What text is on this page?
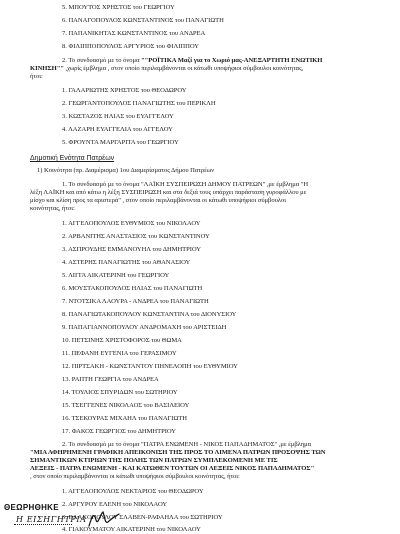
5. ΜΠΟΥΤΟΣ ΧΡΗΣΤΟΣ του ΓΕΩΡΓΙΟΥ
6. ΠΑΝΑΓΟΠΟΥΛΟΣ ΚΩΝΣΤΑΝΤΙΝΟΣ του ΠΑΝΑΓΙΩΤΗ
7. ΠΑΠΑΝΙΚΗΤΑΣ ΚΩΝΣΤΑΝΤΙΝΟΣ του ΑΝΔΡΕΑ
8. ΦΙΛΙΠΠΟΠΟΥΛΟΣ ΑΡΓΥΡΙΟΣ του ΦΙΛΙΠΠΟΥ
2. Το συνδυασμό με το όνομα ""ΡΟΪΤΙΚΑ Μαζί για το Χωριό μας-ΑΝΕΞΑΡΤΗΤΗ ΕΝΩΤΙΚΗ
ΚΙΝΗΣΗ"" ,χωρίς έμβλημα , στον οποίο περιλαμβάνονται οι κάτωθι υποψήφιοι σύμβουλοι κοινότητας,
ήτοι:
1. ΓΑΛΑΡΙΩΤΗΣ ΧΡΗΣΤΟΣ του ΘΕΟΔΩΡΟΥ
2. ΓΕΩΡΓΑΝΤΟΠΟΥΛΟΣ ΠΑΝΑΓΙΩΤΗΣ του ΠΕΡΙΚΛΗ
3. ΚΩΣΤΑΖΟΣ ΗΛΙΑΣ του ΕΥΑΓΓΕΛΟΥ
4. ΛΑΖΑΡΗ ΕΥΑΓΓΕΛΙΑ του ΑΓΓΕΛΟΥ
5. ΦΡΟΥΝΤΑ ΜΑΡΓΑΡΙΤΑ του ΓΕΩΡΓΙΟΥ
Δημοτική Ενότητα Πατρέων
1) Κοινότητα (πρ. Διαμέρισμα) 1ου Διαμερίσματος Δήμου Πατρέων
1. Το συνδυασμό με το όνομα "ΛΑΪΚΗ ΣΥΣΠΕΙΡΩΣΗ ΔΗΜΟΥ ΠΑΤΡΕΩΝ" ,με έμβλημα "Η
λέξη ΛΑΪΚΗ και από κάτω η λέξη ΣΥΣΠΕΙΡΩΣΗ και στα δεξιά τους υπάρχει παράσταση γυροφάλλου με
μίσχο και κλίση προς τα αριστερά" , στον οποίο περιλαμβάνονται οι κάτωθι υποψήφιοι σύμβουλοι
κοινότητας, ήτοι:
1. ΑΓΓΕΛΟΠΟΥΛΟΣ ΕΥΘΥΜΙΟΣ του ΝΙΚΟΛΑΟΥ
2. ΑΡΒΑΝΙΤΗΣ ΑΝΑΣΤΑΣΙΟΣ του ΚΩΝΣΤΑΝΤΙΝΟΥ
3. ΑΣΠΡΟΥΔΗΣ ΕΜΜΑΝΟΥΗΛ του ΔΗΜΗΤΡΙΟΥ
4. ΑΣΤΕΡΗΣ ΠΑΝΑΓΙΩΤΗΣ του ΑΘΑΝΑΣΙΟΥ
5. ΛΙΓΓΑ ΑΙΚΑΤΕΡΙΝΗ του ΓΕΩΡΓΙΟΥ
6. ΜΟΥΣΤΑΚΟΠΟΥΛΟΣ ΗΛΙΑΣ του ΠΑΝΑΓΙΩΤΗ
7. ΝΤΟΤΣΙΚΑ ΛΑΟΥΡΑ - ΑΝΔΡΕΑ του ΠΑΝΑΓΙΩΤΗ
8. ΠΑΝΑΓΙΩΤΑΚΟΠΟΥΛΟΥ ΚΩΝΣΤΑΝΤΙΝΑ του ΔΙΟΝΥΣΙΟΥ
9. ΠΑΠΑΓΙΑΝΝΟΠΟΥΛΟΥ ΑΝΔΡΟΜΑΧΗ του ΑΡΙΣΤΕΙΔΗ
10. ΠΕΤΣΙΝΗΣ ΧΡΙΣΤΟΦΟΡΟΣ του ΘΩΜΑ
11. ΠΕΦΑΝΗ ΕΥΓΕΝΙΑ του ΓΕΡΑΣΙΜΟΥ
12. ΠΙΡΤΣΑΚΗ - ΚΩΝΣΤΑΝΤΟΥ ΠΗΝΕΛΟΠΗ του ΕΥΘΥΜΙΟΥ
13. ΡΑΠΤΗ ΓΕΩΡΓΙΑ του ΑΝΔΡΕΑ
14. ΤΟΥΛΙΟΣ ΣΠΥΡΙΔΩΝ του ΣΩΤΗΡΙΟΥ
15. ΤΣΕΓΓΕΝΕΣ ΝΙΚΟΛΑΟΣ του ΒΑΣΙΛΕΙΟΥ
16. ΤΣΕΚΟΥΡΑΣ ΜΙΧΑΗΛ του ΠΑΝΑΓΙΩΤΗ
17. ΦΑΚΟΣ ΓΕΩΡΓΙΟΣ του ΔΗΜΗΤΡΙΟΥ
2. Το συνδυασμό με το όνομα "ΠΑΤΡΑ ΕΝΩΜΕΝΗ - ΝΙΚΟΣ ΠΑΠΑΔΗΜΑΤΟΣ" ,με έμβλημα
"ΜΙΑ ΑΦΗΡΗΜΕΝΗ ΓΡΑΦΙΚΗ ΑΠΕΙΚΟΝΙΣΗ ΤΗΣ ΠΡΟΣ ΤΟ ΛΙΜΕΝΑ ΠΑΤΡΩΝ ΠΡΟΣΟΨΗΣ ΤΩΝ
ΣΗΜΑΝΤΙΚΩΝ ΚΤΙΡΙΩΝ ΤΗΣ ΠΟΛΗΣ ΤΩΝ ΠΑΤΡΩΝ ΣΥΜΠΛΕΚΟΜΕΝΗ ΜΕ ΤΙΣ
ΛΕΞΕΙΣ - ΠΑΤΡΑ ΕΝΩΜΕΝΗ - ΚΑΙ ΚΑΤΩΘΕΝ ΤΟΥΤΩΝ ΟΙ ΛΕΞΕΙΣ ΝΙΚΟΣ ΠΑΠΑΔΗΜΑΤΟΣ"
, στον οποίο περιλαμβάνονται οι κάτωθι υποψήφιοι σύμβουλοι κοινότητας, ήτοι:
1. ΑΓΓΕΛΟΠΟΥΛΟΣ ΝΕΚΤΑΡΙΟΣ του ΘΕΟΔΩΡΟΥ
2. ΑΡΓΥΡΟΥ ΕΛΕΝΗ του ΝΙΚΟΛΑΟΥ
3. ΒΛΑΧΟΠΟΥΛΟΥ ΣΛΑΒΕΝ-ΡΑΦΑΗΛΑ του ΣΩΤΗΡΙΟΥ
4. ΓΙΑΚΟΥΜΑΤΟΥ ΑΙΚΑΤΕΡΙΝΗ του ΝΙΚΟΛΑΟΥ
ΘΕΩΡΗΘΗΚΕ
Η ΕΙΣΗΓΗΤΡΙΑ
